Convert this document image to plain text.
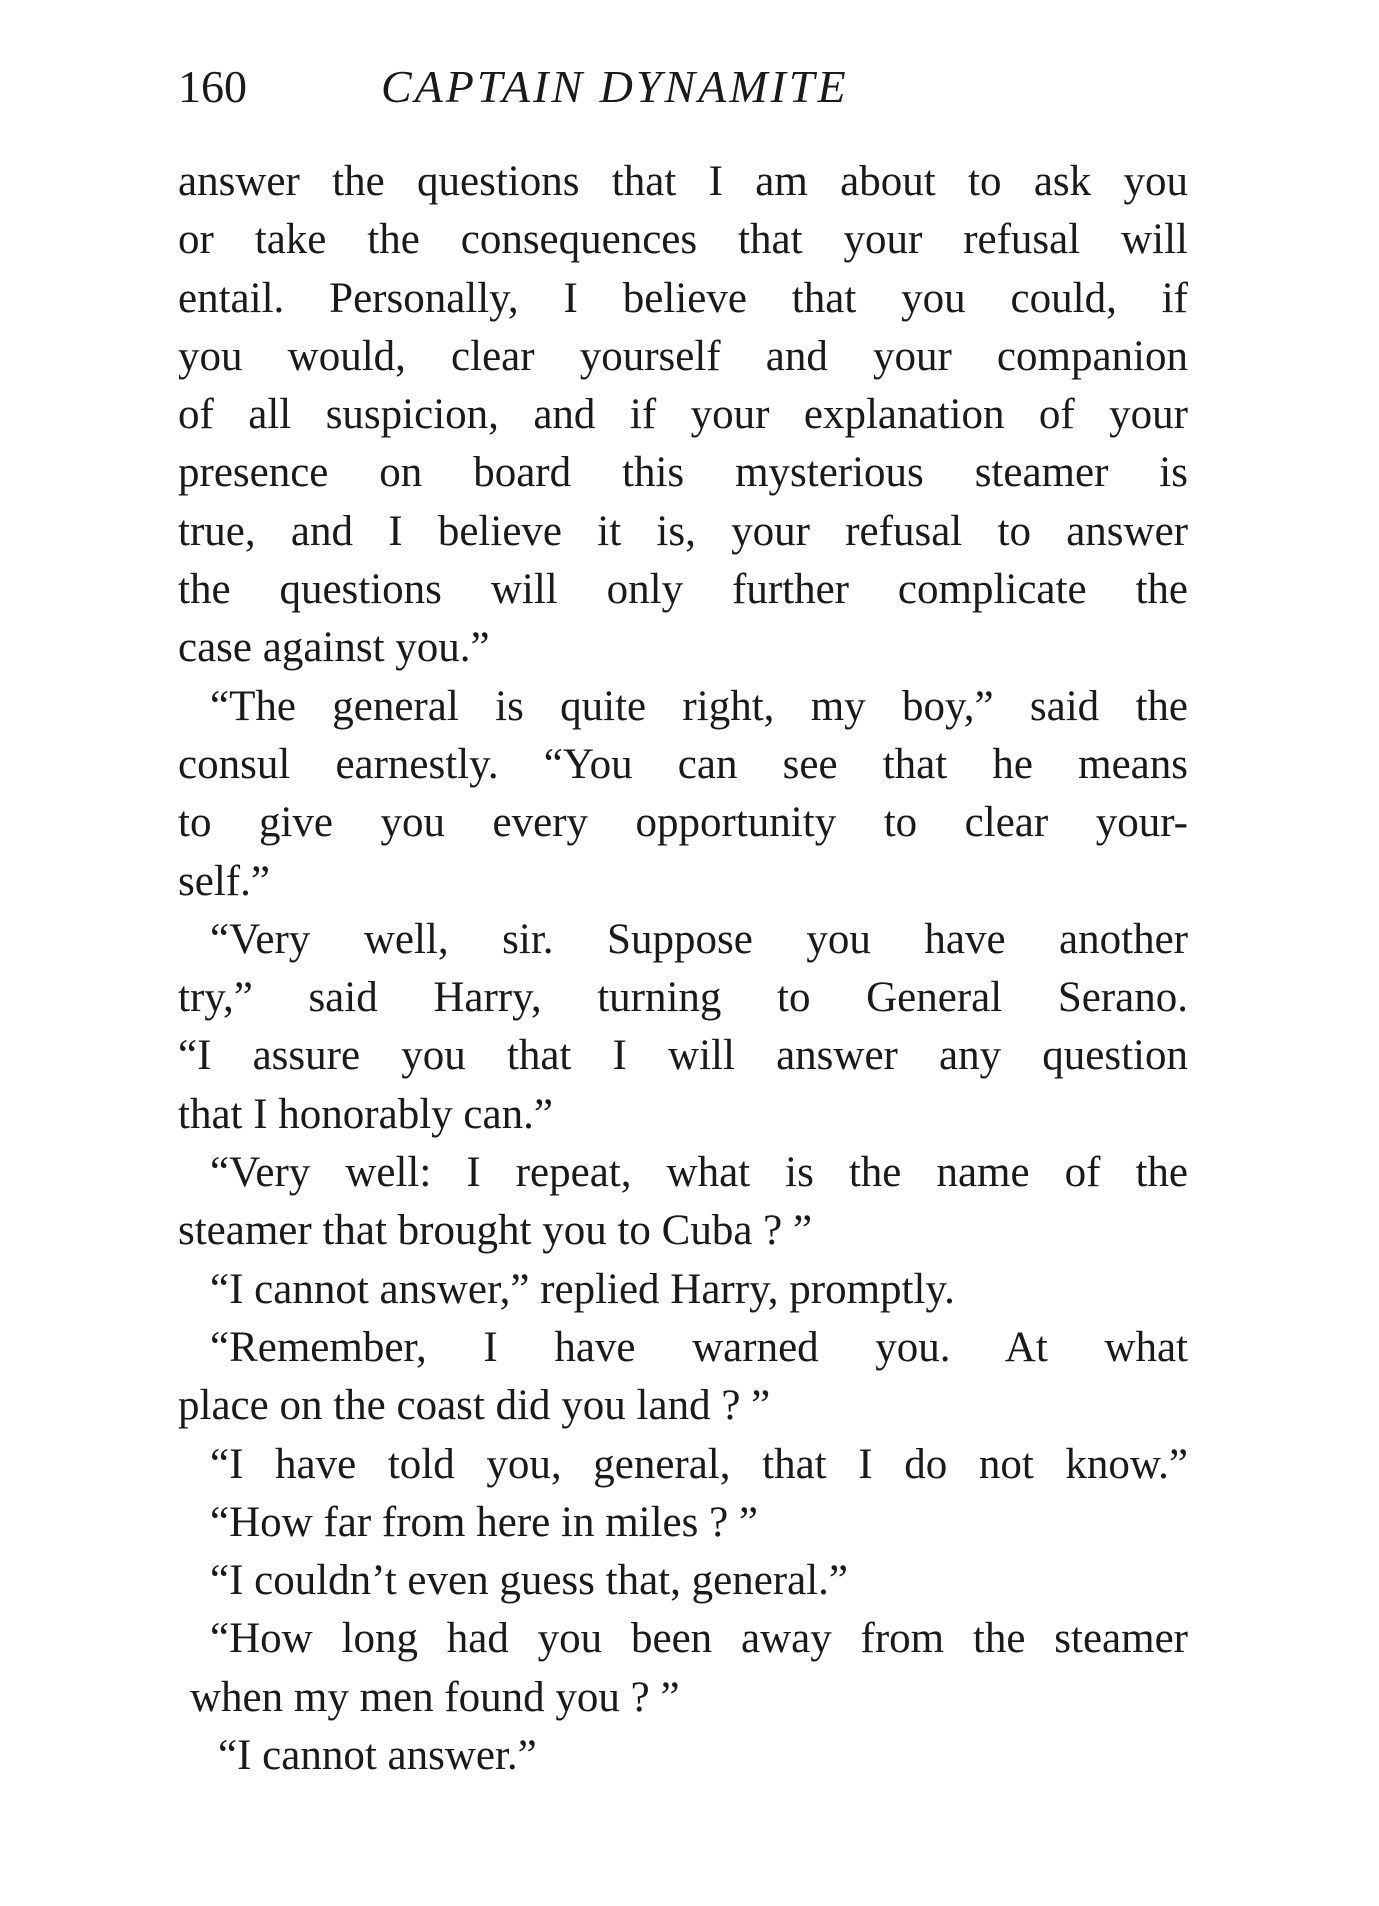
160	CAPTAIN DYNAMITE
answer the questions that I am about to ask you
or take the consequences that your refusal will
entail. Personally, I believe that you could, if
you would, clear yourself and your companion
of all suspicion, and if your explanation of your
presence on board this mysterious steamer is
true, and I believe it is, your refusal to answer
the questions will only further complicate the
case against you.”
“The general is quite right, my boy,” said the
consul earnestly. “You can see that he means
to give you every opportunity to clear your-
self.”
“Very well, sir. Suppose you have another
try,” said Harry, turning to General Serano.
“I assure you that I will answer any question
that I honorably can.”
“Very well: I repeat, what is the name of the
steamer that brought you to Cuba ? ”
“I cannot answer,” replied Harry, promptly.
“Remember, I have warned you. At what
place on the coast did you land ? ”
“I have told you, general, that I do not know.”
“How far from here in miles ? ”
“I couldn’t even guess that, general.”
“How long had you been away from the steamer
when my men found you ? ”
“I cannot answer.”
